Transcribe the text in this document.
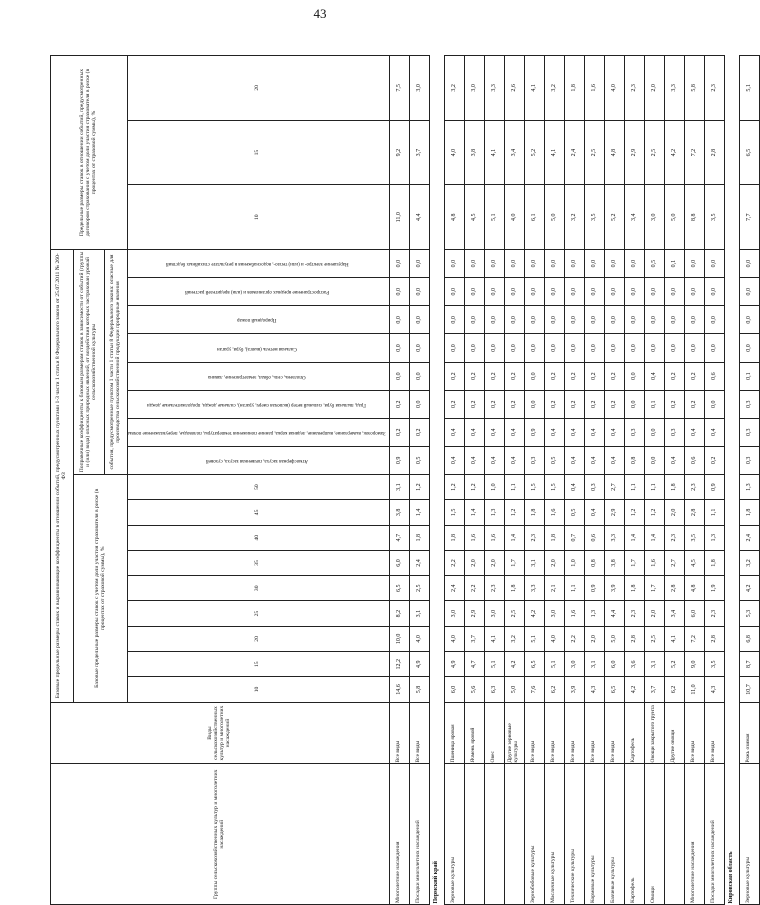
43
Группы сельскохозяйственных культур и многолетних насаждений	Виды сельскохозяйственных культур и многолетних насаждений	Базовые предельные размеры ставок и выравнивающие коэффициенты в отношении событий, предусмотренных пунктами 1-3 части 1 статьи 8 Федерального закона от 25.07.2011 № 260-ФЗ																	Предельные размеры ставок в отношении событий, предусмотренных договором страхования с учетом доли участия страхователя в риске (в процентах от страховой суммы), %		
		Базовые предельные размеры ставок с учетом доли участия страхователя в риске (в процентах от страховой суммы), %									Поправочные коэффициенты к базовым размерам ставок в зависимости от событий (группы и (или) вида) опасных природных явлений, от воздействия которых застрахован урожай сельскохозяйственной культуры										
											события, предусмотренные пунктом 1 части 1 статьи 8 Федерального закона: опасные для производства сельскохозяйственной продукции природные явления										
		10	15	20	25	30	35	40	45	50	Атмосферная засуха, почвенная засуха, суховей	Заморозок, вымерзание, выпревание, ледяная корка, ранние понижения температуры, половодье, переувлажнение почвы	Град, пыльная буря, сильный ветер (включая смерч, ураган), сильные дожди, продолжительные дожди	Оползень, сель, обвал, землетрясение, лавина	Сильная метель (вьюга), буря, ураган	Природный пожар	Распространение вредных организмов и (или) вредителей растений	Нарушение электро- и (или) тепло-, водоснабжения в результате стихийных бедствий	10	15	20
Многолетние насаждения	Все виды	14,6	12,2	10,0	8,2	6,5	6,0	4,7	3,8	3,1	0,9	0,2	0,2	0,0	0,0	0,0	0,0	0,0	11,0	9,2	7,5
Посадки многолетних насаждений	Все виды	5,8	4,9	4,0	3,1	2,5	2,4	1,8	1,4	1,2	0,5	0,2	0,0	0,0	0,0	0,0	0,0	0,0	4,4	3,7	3,0
Пермский край																					
Зерновые культуры	Пшеница яровая	6,0	4,9	4,0	3,0	2,4	2,2	1,8	1,5	1,2	0,4	0,4	0,2	0,2	0,0	0,0	0,0	0,0	4,8	4,0	3,2
	Ячмень яровой	5,6	4,7	3,7	2,9	2,2	2,0	1,6	1,4	1,2	0,4	0,4	0,2	0,2	0,0	0,0	0,0	0,0	4,5	3,8	3,0
	Овес	6,3	5,1	4,1	3,0	2,3	2,0	1,6	1,3	1,0	0,4	0,4	0,2	0,2	0,0	0,0	0,0	0,0	5,1	4,1	3,3
	Другие зерновые культуры	5,0	4,2	3,2	2,5	1,8	1,7	1,4	1,2	1,1	0,4	0,4	0,2	0,2	0,0	0,0	0,0	0,0	4,0	3,4	2,6
Зернобобовые культуры	Все виды	7,6	6,5	5,1	4,2	3,3	3,1	2,3	1,8	1,5	0,3	0,9	0,0	0,0	0,0	0,0	0,0	0,0	6,1	5,2	4,1
Масличные культуры	Все виды	6,2	5,1	4,0	3,0	2,1	2,0	1,8	1,6	1,5	0,5	0,4	0,2	0,2	0,0	0,0	0,0	0,0	5,0	4,1	3,2
Технические культуры	Все виды	3,9	3,0	2,2	1,6	1,1	1,0	0,7	0,5	0,4	0,4	0,4	0,2	0,2	0,0	0,0	0,0	0,0	3,2	2,4	1,8
Кормовые культуры	Все виды	4,3	3,1	2,0	1,3	0,9	0,8	0,6	0,4	0,3	0,4	0,4	0,2	0,2	0,0	0,0	0,0	0,0	3,5	2,5	1,6
Бахчевые культуры	Все виды	6,5	6,0	5,0	4,4	3,9	3,8	3,3	2,9	2,7	0,4	0,4	0,2	0,2	0,0	0,0	0,0	0,0	5,2	4,8	4,0
Картофель	Картофель	4,2	3,6	2,8	2,3	1,8	1,7	1,4	1,2	1,1	0,8	0,3	0,0	0,0	0,0	0,0	0,0	0,0	3,4	2,9	2,3
Овощи	Овощи закрытого грунта	3,7	3,1	2,5	2,0	1,7	1,6	1,4	1,2	1,1	0,0	0,0	0,1	0,4	0,0	0,0	0,0	0,5	3,0	2,5	2,0
	Другие овощи	6,2	5,2	4,1	3,4	2,8	2,7	2,3	2,0	1,8	0,4	0,3	0,2	0,2	0,0	0,0	0,0	0,1	5,0	4,2	3,3
Многолетние насаждения	Все виды	11,0	9,0	7,2	6,0	4,8	4,5	3,5	2,8	2,3	0,6	0,4	0,2	0,2	0,0	0,0	0,0	0,0	8,8	7,2	5,8
Посадки многолетних насаждений	Все виды	4,3	3,5	2,8	2,3	1,9	1,8	1,3	1,1	0,9	0,2	0,4	0,0	0,6	0,0	0,0	0,0	0,0	3,5	2,8	2,3
Кировская область																					
Зерновые культуры	Рожь озимая	10,7	8,7	6,8	5,3	4,2	3,2	2,4	1,8	1,3	0,3	0,3	0,3	0,1	0,0	0,0	0,0	0,0	7,7	6,5	5,1
